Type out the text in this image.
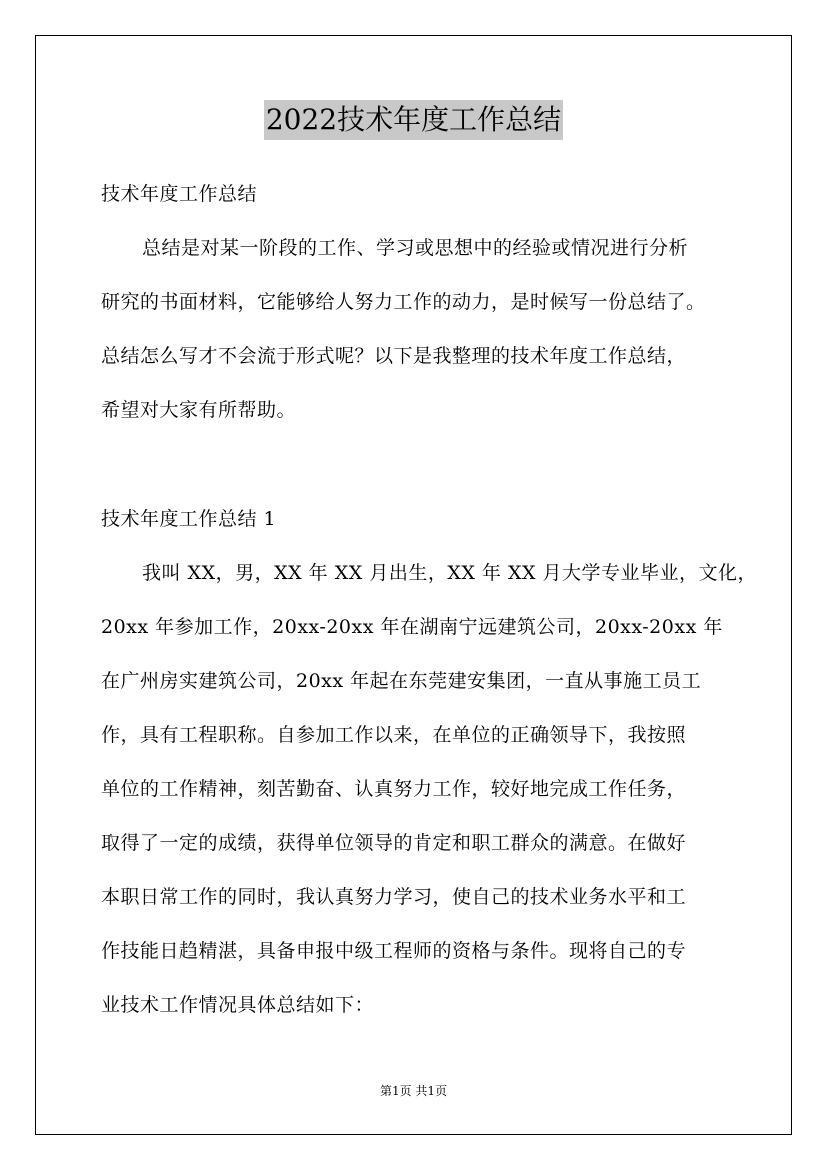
2022技术年度工作总结
技术年度工作总结
总结是对某一阶段的工作、学习或思想中的经验或情况进行分析
研究的书面材料，它能够给人努力工作的动力，是时候写一份总结了。
总结怎么写才不会流于形式呢？以下是我整理的技术年度工作总结，
希望对大家有所帮助。
技术年度工作总结 1
我叫 XX，男，XX 年 XX 月出生，XX 年 XX 月大学专业毕业，文化，
20xx 年参加工作，20xx-20xx 年在湖南宁远建筑公司，20xx-20xx 年
在广州房实建筑公司，20xx 年起在东莞建安集团，一直从事施工员工
作，具有工程职称。自参加工作以来，在单位的正确领导下，我按照
单位的工作精神，刻苦勤奋、认真努力工作，较好地完成工作任务，
取得了一定的成绩，获得单位领导的肯定和职工群众的满意。在做好
本职日常工作的同时，我认真努力学习，使自己的技术业务水平和工
作技能日趋精湛，具备申报中级工程师的资格与条件。现将自己的专
业技术工作情况具体总结如下：
第1页 共1页
